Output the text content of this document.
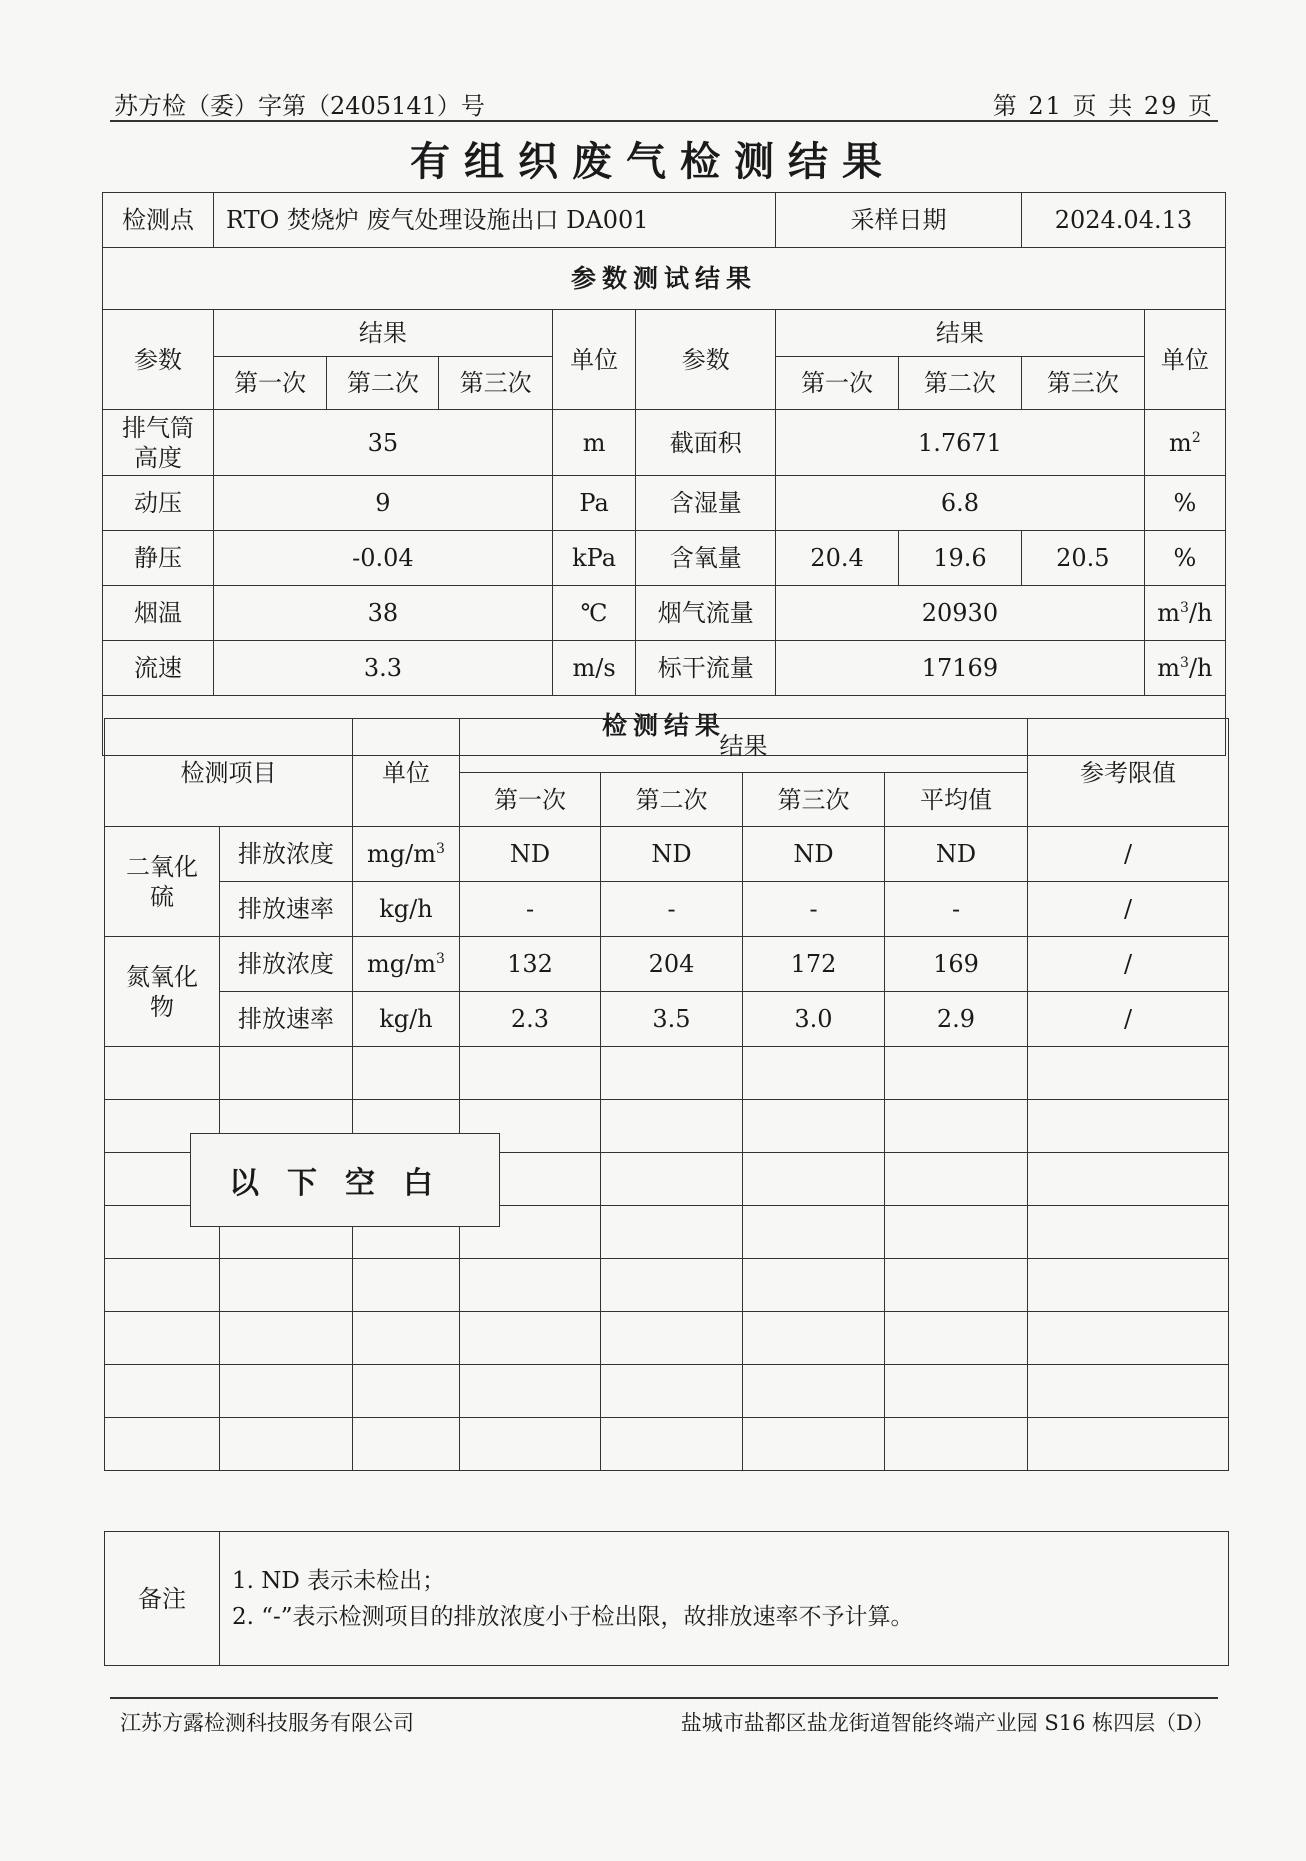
苏方检（委）字第（2405141）号	第 21 页 共 29 页
有组织废气检测结果
检测点	RTO 焚烧炉 废气处理设施出口 DA001					采样日期		2024.04.13	
参数测试结果									
参数	结果			单位	参数	结果			单位
	第一次	第二次	第三次			第一次	第二次	第三次	
排气筒高度	35			m	截面积	1.7671			$m^2$
动压	9			Pa	含湿量	6.8			%
静压	-0.04			kPa	含氧量	20.4	19.6	20.5	%
烟温	38			℃	烟气流量	20930			$m^3/h$
流速	3.3			m/s	标干流量	17169			$m^3/h$
检测结果									
检测项目		单位	结果				参考限值
			第一次	第二次	第三次	平均值	
二氧化硫	排放浓度	$mg/m^3$	ND	ND	ND	ND	/
	排放速率	kg/h	-	-	-	-	/
氮氧化物	排放浓度	$mg/m^3$	132	204	172	169	/
	排放速率	kg/h	2.3	3.5	3.0	2.9	/

以下空白
备注	
1. ND 表示未检出；
2. “-”表示检测项目的排放浓度小于检出限，故排放速率不予计算。
江苏方露检测科技服务有限公司	盐城市盐都区盐龙街道智能终端产业园 S16 栋四层（D）
